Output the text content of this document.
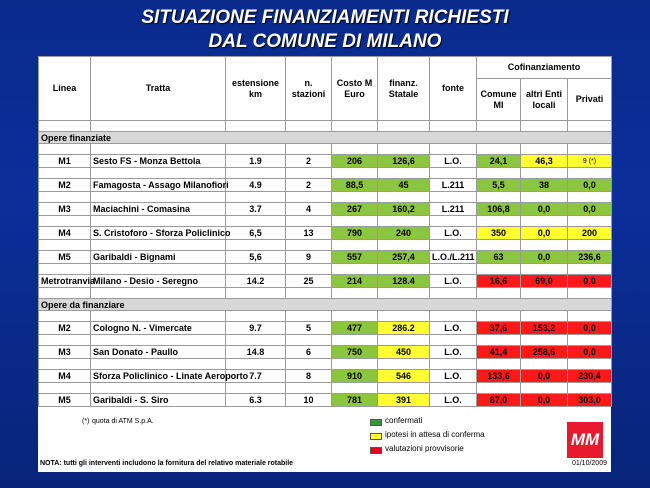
SITUAZIONE FINANZIAMENTI RICHIESTI
DAL COMUNE DI MILANO
Linea	Tratta	estensione km	n. stazioni	Costo M Euro	finanz. Statale	fonte	Cofinanziamento		
							Comune MI	altri Enti locali	Privati

Opere finanziate									

M1	Sesto FS - Monza Bettola	1.9	2	206	126,6	L.O.	24,1	46,3	9 (*)

M2	Famagosta - Assago Milanofiori	4.9	2	88,5	45	L.211	5,5	38	0,0

M3	Maciachini - Comasina	3.7	4	267	160,2	L.211	106,8	0,0	0,0

M4	S. Cristoforo - Sforza Policlinico	6,5	13	790	240	L.O.	350	0,0	200

M5	Garibaldi - Bignami	5,6	9	557	257,4	L.O./L.211	63	0,0	236,6

Metrotranvia	Milano - Desio - Seregno	14.2	25	214	128.4	L.O.	16,6	69,0	0,0

Opere da finanziare									

M2	Cologno N. - Vimercate	9.7	5	477	286.2	L.O.	37,6	153,2	0,0

M3	San Donato - Paullo	14.8	6	750	450	L.O.	41,4	258,6	0,0

M4	Sforza Policlinico - Linate Aeroporto	7.7	8	910	546	L.O.	133,6	0,0	230,4

M5	Garibaldi - S. Siro	6.3	10	781	391	L.O.	87,0	0,0	303,0
(*) quota di ATM S.p.A.	confermati
ipotesi in attesa di conferma
valutazioni provvisorie	MM
NOTA: tutti gli interventi includono la fornitura del relativo materiale rotabile	01/10/2009
